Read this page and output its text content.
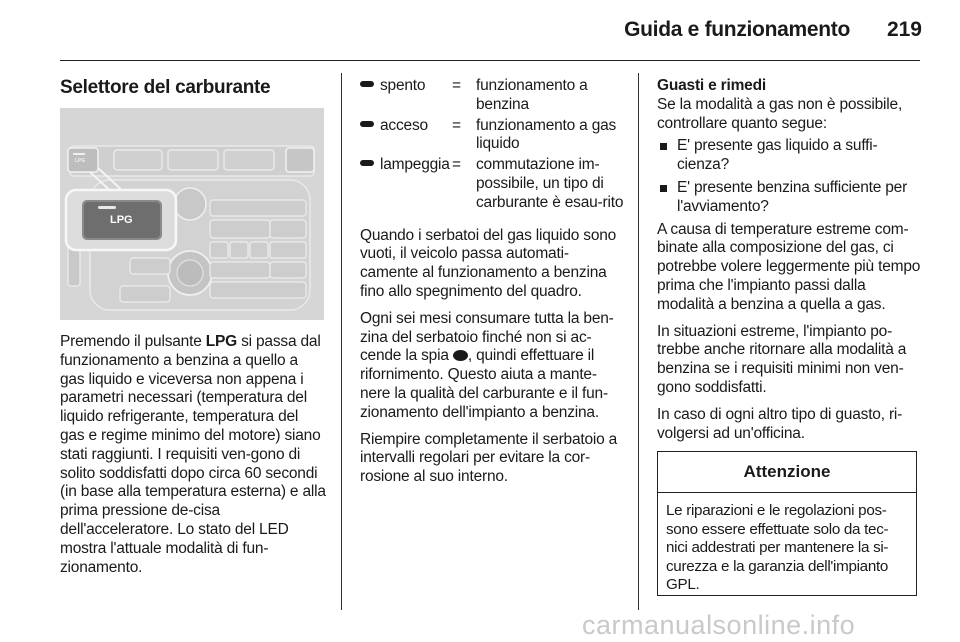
Guida e funzionamento	219
Selettore del carburante
LPG
LPG

Premendo il pulsante LPG si passa dal funzionamento a benzina a quello a gas liquido e viceversa non appena i parametri necessari (temperatura del liquido refrigerante, temperatura del gas e regime minimo del motore) siano stati raggiunti. I requisiti ven-gono di solito soddisfatti dopo circa 60 secondi (in base alla temperatura esterna) e alla prima pressione de-cisa dell'acceleratore. Lo stato del LED mostra l'attuale modalità di fun-zionamento.

spento	=	funzionamento a benzina
acceso	=	funzionamento a gas liquido
lampeggia	=	commutazione im-possibile, un tipo di carburante è esau-rito

Quando i serbatoi del gas liquido sono vuoti, il veicolo passa automati-camente al funzionamento a benzina fino allo spegnimento del quadro.

Ogni sei mesi consumare tutta la ben-zina del serbatoio finché non si ac-cende la spia , quindi effettuare il rifornimento. Questo aiuta a mante-nere la qualità del carburante e il fun-zionamento dell'impianto a benzina.

Riempire completamente il serbatoio a intervalli regolari per evitare la cor-rosione al suo interno.

Guasti e rimedi

Se la modalità a gas non è possibile, controllare quanto segue:

E' presente gas liquido a suffi-cienza?
E' presente benzina sufficiente per l'avviamento?

A causa di temperature estreme com-binate alla composizione del gas, ci potrebbe volere leggermente più tempo prima che l'impianto passi dalla modalità a benzina a quella a gas.

In situazioni estreme, l'impianto po-trebbe anche ritornare alla modalità a benzina se i requisiti minimi non ven-gono soddisfatti.

In caso di ogni altro tipo di guasto, ri-volgersi ad un'officina.

Attenzione
Le riparazioni e le regolazioni pos-sono essere effettuate solo da tec-nici addestrati per mantenere la si-curezza e la garanzia dell'impianto GPL.
carmanualsonline.info
